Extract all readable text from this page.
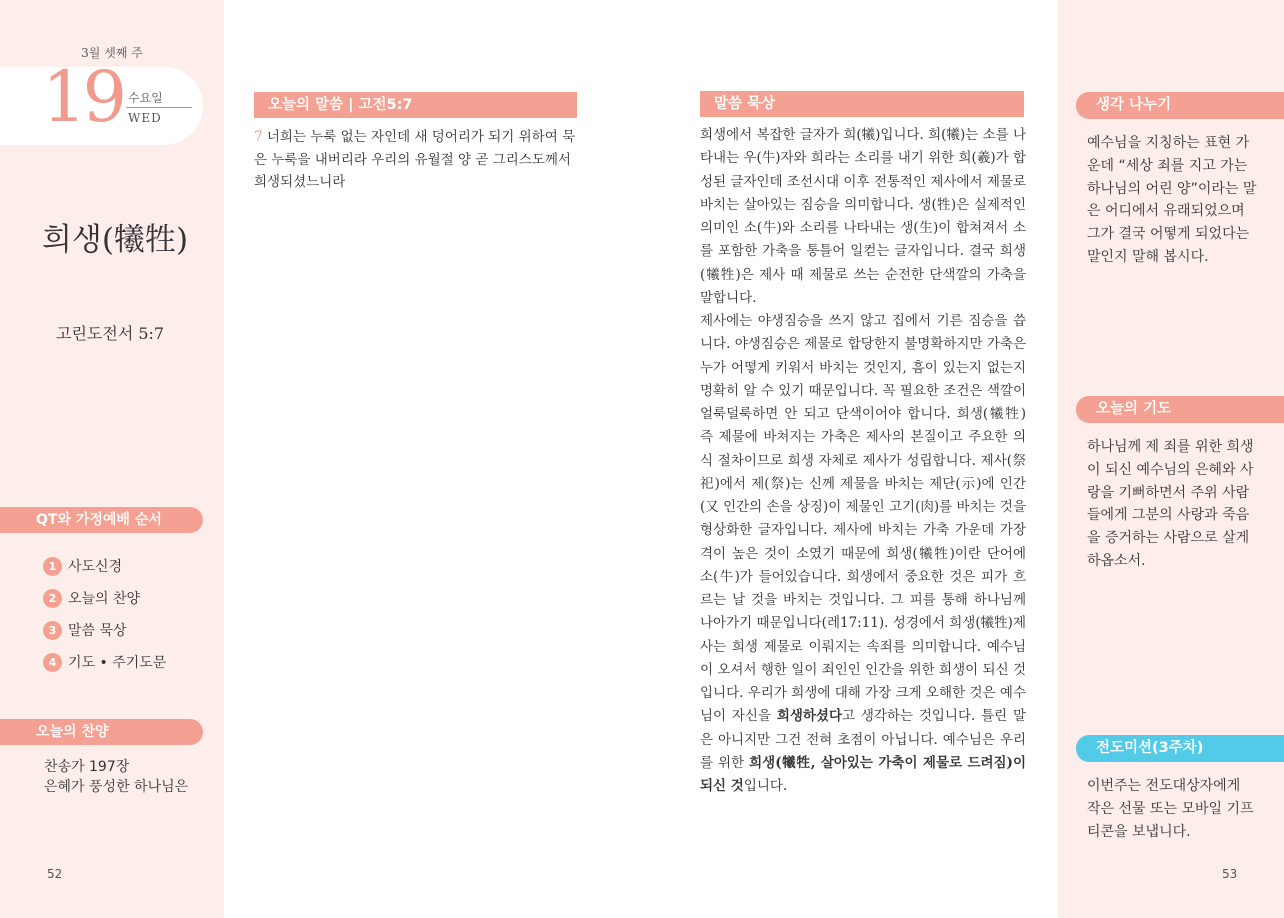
3월 셋째 주
19 수요일
WED
희생(犧牲)
고린도전서 5:7
QT와 가정예배 순서
1 사도신경
2 오늘의 찬양
3 말씀 묵상
4 기도 • 주기도문
오늘의 찬양
찬송가 197장
은혜가 풍성한 하나님은
52
오늘의 말씀 | 고전5:7
7 너희는 누룩 없는 자인데 새 덩어리가 되기 위하여 묵은 누룩을 내버리라 우리의 유월절 양 곧 그리스도께서 희생되셨느니라
말씀 묵상

희생에서 복잡한 글자가 희(犧)입니다. 희(犧)는 소를 나타내는 우(牛)자와 희라는 소리를 내기 위한 희(羲)가 합성된 글자인데 조선시대 이후 전통적인 제사에서 제물로 바치는 살아있는 짐승을 의미합니다. 생(牲)은 실제적인 의미인 소(牛)와 소리를 나타내는 생(生)이 합쳐져서 소를 포함한 가축을 통틀어 일컫는 글자입니다. 결국 희생(犧牲)은 제사 때 제물로 쓰는 순전한 단색깔의 가축을 말합니다.

제사에는 야생짐승을 쓰지 않고 집에서 기른 짐승을 씁니다. 야생짐승은 제물로 합당한지 불명확하지만 가축은 누가 어떻게 키워서 바치는 것인지, 흠이 있는지 없는지 명확히 알 수 있기 때문입니다. 꼭 필요한 조건은 색깔이 얼룩덜룩하면 안 되고 단색이어야 합니다. 희생(犧牲) 즉 제물에 바쳐지는 가축은 제사의 본질이고 주요한 의식 절차이므로 희생 자체로 제사가 성립합니다. 제사(祭祀)에서 제(祭)는 신께 제물을 바치는 제단(示)에 인간(又 인간의 손을 상징)이 제물인 고기(肉)를 바치는 것을 형상화한 글자입니다. 제사에 바치는 가축 가운데 가장 격이 높은 것이 소였기 때문에 희생(犧牲)이란 단어에 소(牛)가 들어있습니다. 희생에서 중요한 것은 피가 흐르는 날 것을 바치는 것입니다. 그 피를 통해 하나님께 나아가기 때문입니다(레17:11). 성경에서 희생(犧牲)제사는 희생 제물로 이뤄지는 속죄를 의미합니다. 예수님이 오셔서 행한 일이 죄인인 인간을 위한 희생이 되신 것입니다. 우리가 희생에 대해 가장 크게 오해한 것은 예수님이 자신을 희생하셨다고 생각하는 것입니다. 틀린 말은 아니지만 그건 전혀 초점이 아닙니다. 예수님은 우리를 위한 희생(犧牲, 살아있는 가축이 제물로 드려짐)이 되신 것입니다.

생각 나누기
예수님을 지칭하는 표현 가운데 “세상 죄를 지고 가는 하나님의 어린 양”이라는 말은 어디에서 유래되었으며 그가 결국 어떻게 되었다는 말인지 말해 봅시다.
오늘의 기도
하나님께 제 죄를 위한 희생이 되신 예수님의 은혜와 사랑을 기뻐하면서 주위 사람들에게 그분의 사랑과 죽음을 증거하는 사람으로 살게 하옵소서.
전도미션(3주차)
이번주는 전도대상자에게 작은 선물 또는 모바일 기프티콘을 보냅니다.
53
